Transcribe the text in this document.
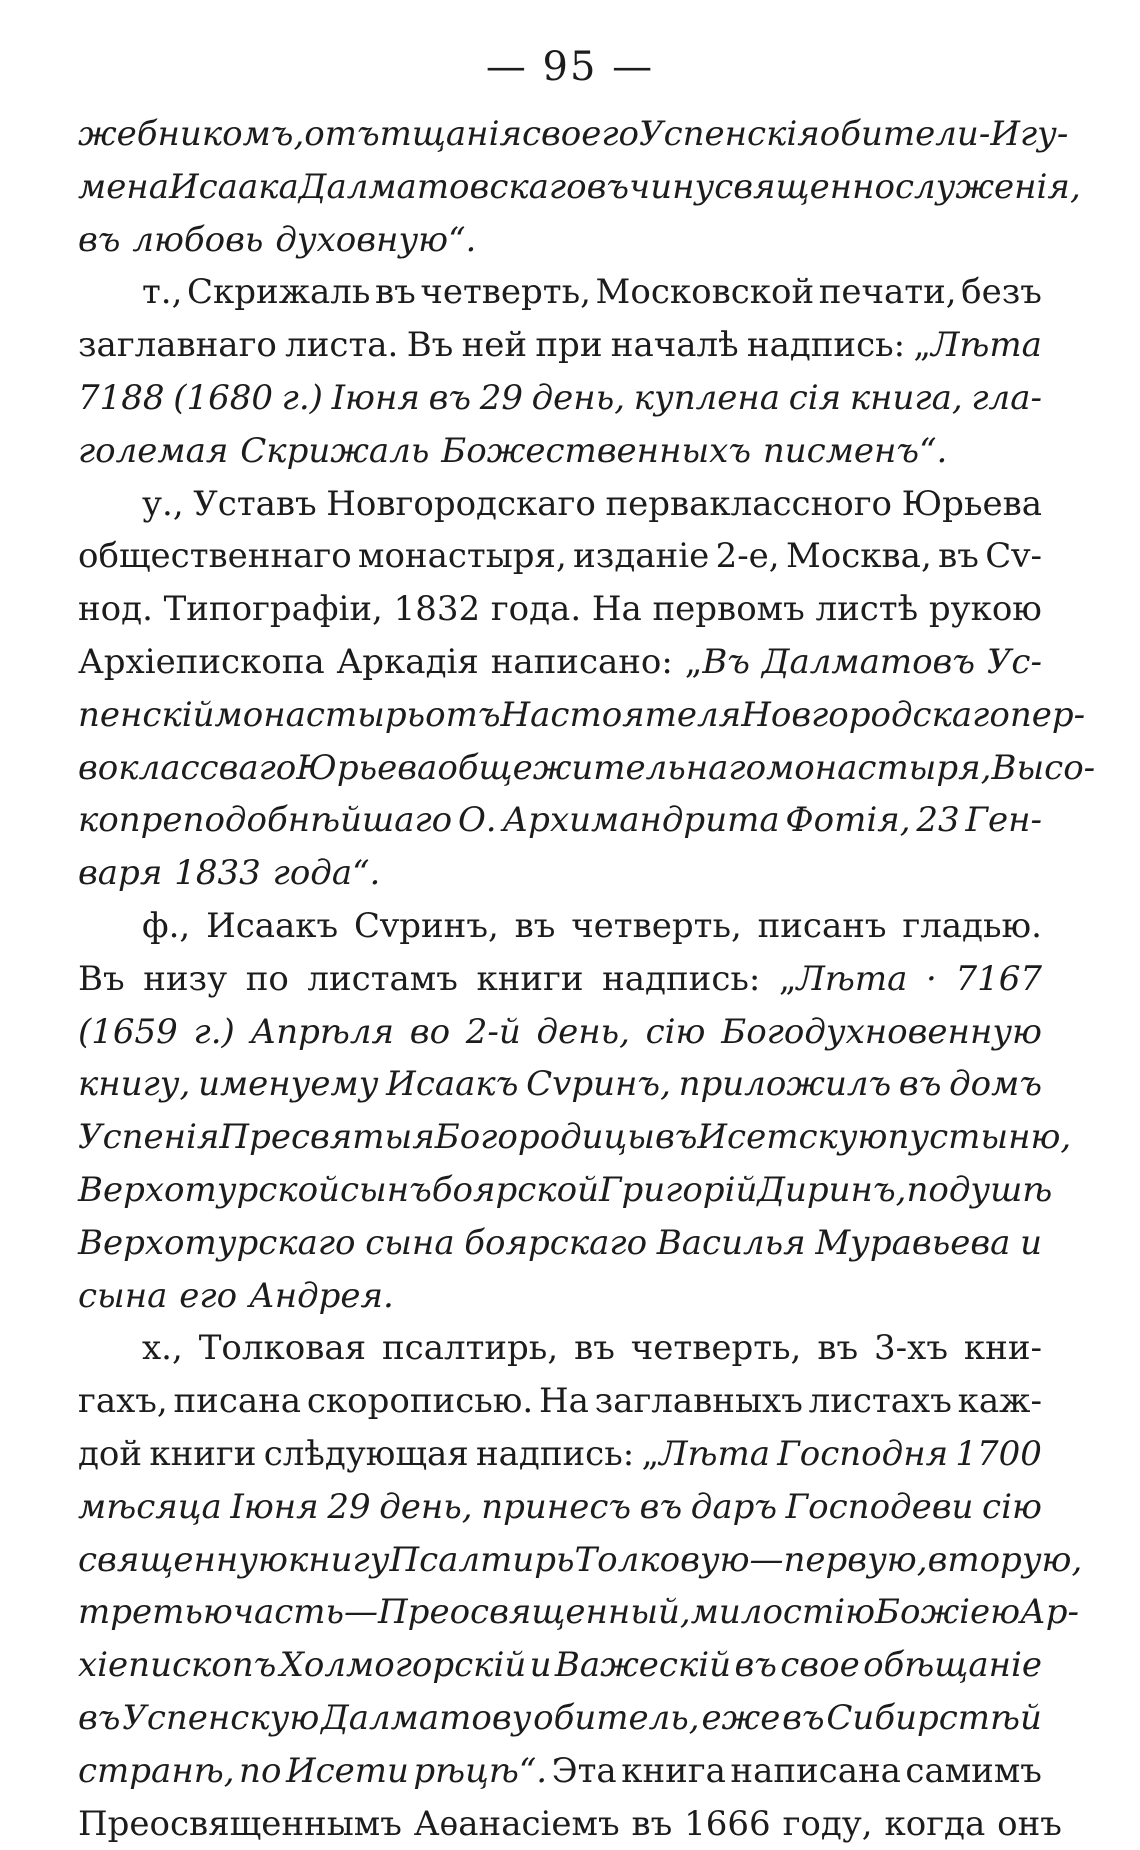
— 95 —
жебникомъ, отъ тщанія своего Успенскія обители- Игу-
мена Исаака Далматовскаго въ чину священнослуженія,
въ любовь духовную“.
т., Скрижаль въ четверть, Московской печати, безъ
заглавнаго листа. Въ ней при началѣ надпись: „Лѣта
7188 (1680 г.) Іюня въ 29 день, куплена сія книга, гла-
големая Скрижаль Божественныхъ писменъ“.
у., Уставъ Новгородскаго перваклассного Юрьева
общественнаго монастыря, изданіе 2-е, Москва, въ Сv-
нод. Типографіи, 1832 года. На первомъ листѣ рукою
Архіепископа Аркадія написано: „Въ Далматовъ Ус-
пенскій монастырь отъ Настоятеля Новгородскаго пер-
воклассваго Юрьева общежительнаго монастыря, Высо-
копреподобнѣйшаго О. Архимандрита Фотія, 23 Ген-
варя 1833 года“.
ф., Исаакъ Сvринъ, въ четверть, писанъ гладью.
Въ низу по листамъ книги надпись: „Лѣта · 7167
(1659 г.) Апрѣля во 2-й день, сію Богодухновенную
книгу, именуему Исаакъ Сvринъ, приложилъ въ домъ
Успенія Пресвятыя Богородицы въ Исетскую пустыню,
Верхотурской сынъ боярской Григорій Диринъ, по душѣ
Верхотурскаго сына боярскаго Василья Муравьева и
сына его Андрея.
х., Толковая псалтирь, въ четверть, въ 3-хъ кни-
гахъ, писана скорописью. На заглавныхъ листахъ каж-
дой книги слѣдующая надпись: „Лѣта Господня 1700
мѣсяца Іюня 29 день, принесъ въ даръ Господеви сію
священную книгу Псалтирь Толковую—первую, вторую,
третью часть—Преосвященный, милостію Божіею Ар-
хіепископъ Холмогорскій и Важескій въ свое обѣщаніе
въ Успенскую Далматову обитель, еже въ Сибирстѣй
странѣ, по Исети рѣцѣ“. Эта книга написана самимъ
Преосвященнымъ Аѳанасіемъ въ 1666 году, когда онъ
